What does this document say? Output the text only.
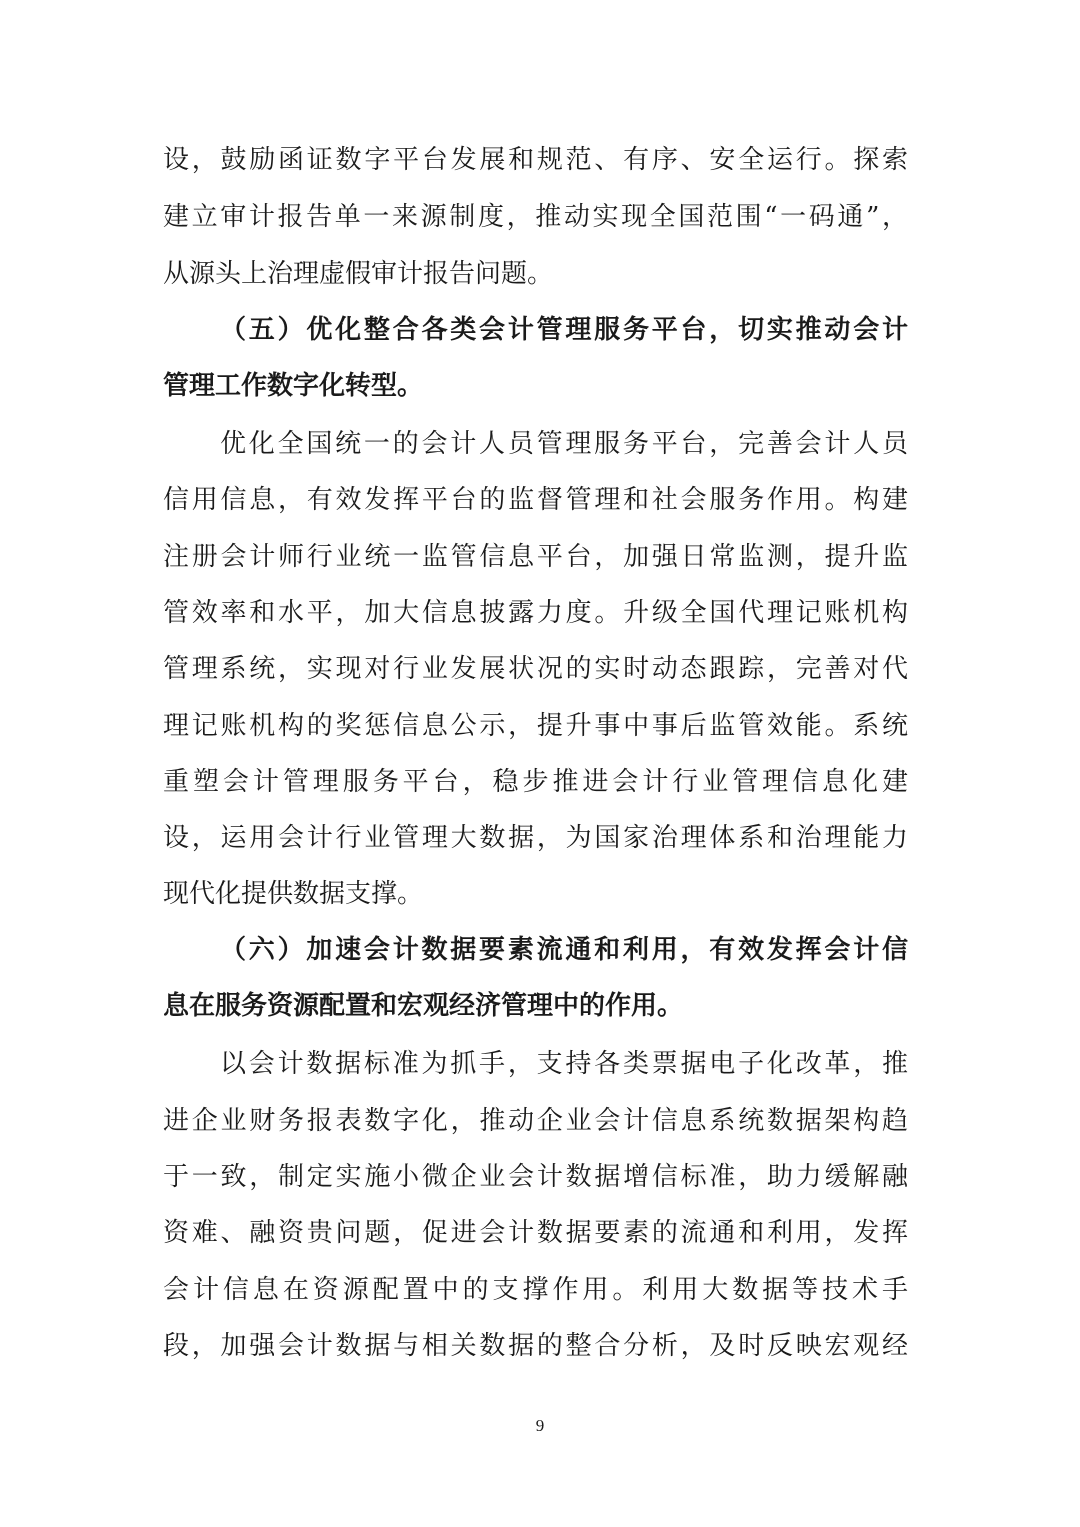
设，鼓励函证数字平台发展和规范、有序、安全运行。探索
建立审计报告单一来源制度，推动实现全国范围“一码通”，
从源头上治理虚假审计报告问题。
（五）优化整合各类会计管理服务平台，切实推动会计
管理工作数字化转型。
优化全国统一的会计人员管理服务平台，完善会计人员
信用信息，有效发挥平台的监督管理和社会服务作用。构建
注册会计师行业统一监管信息平台，加强日常监测，提升监
管效率和水平，加大信息披露力度。升级全国代理记账机构
管理系统，实现对行业发展状况的实时动态跟踪，完善对代
理记账机构的奖惩信息公示，提升事中事后监管效能。系统
重塑会计管理服务平台，稳步推进会计行业管理信息化建
设，运用会计行业管理大数据，为国家治理体系和治理能力
现代化提供数据支撑。
（六）加速会计数据要素流通和利用，有效发挥会计信
息在服务资源配置和宏观经济管理中的作用。
以会计数据标准为抓手，支持各类票据电子化改革，推
进企业财务报表数字化，推动企业会计信息系统数据架构趋
于一致，制定实施小微企业会计数据增信标准，助力缓解融
资难、融资贵问题，促进会计数据要素的流通和利用，发挥
会计信息在资源配置中的支撑作用。利用大数据等技术手
段，加强会计数据与相关数据的整合分析，及时反映宏观经
9
